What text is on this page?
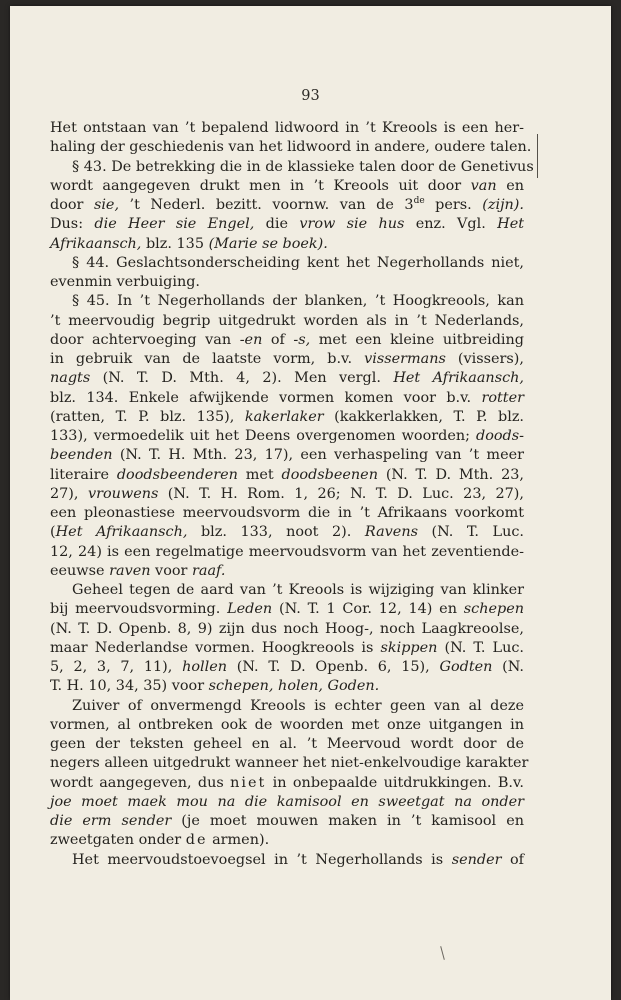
93
Het ontstaan van ’t bepalend lidwoord in ’t Kreools is een her-
haling der geschiedenis van het lidwoord in andere, oudere talen.
§ 43. De betrekking die in de klassieke talen door de Genetivus
wordt aangegeven drukt men in ’t Kreools uit door van en
door sie, ’t Nederl. bezitt. voornw. van de 3de pers. (zijn).
Dus: die Heer sie Engel, die vrow sie hus enz. Vgl. Het
Afrikaansch, blz. 135 (Marie se boek).
§ 44. Geslachtsonderscheiding kent het Negerhollands niet,
evenmin verbuiging.
§ 45. In ’t Negerhollands der blanken, ’t Hoogkreools, kan
’t meervoudig begrip uitgedrukt worden als in ’t Nederlands,
door achtervoeging van -en of -s, met een kleine uitbreiding
in gebruik van de laatste vorm, b.v. vissermans (vissers),
nagts (N. T. D. Mth. 4, 2). Men vergl. Het Afrikaansch,
blz. 134. Enkele afwijkende vormen komen voor b.v. rotter
(ratten, T. P. blz. 135), kakerlaker (kakkerlakken, T. P. blz.
133), vermoedelik uit het Deens overgenomen woorden; doods-
beenden (N. T. H. Mth. 23, 17), een verhaspeling van ’t meer
literaire doodsbeenderen met doodsbeenen (N. T. D. Mth. 23,
27), vrouwens (N. T. H. Rom. 1, 26; N. T. D. Luc. 23, 27),
een pleonastiese meervoudsvorm die in ’t Afrikaans voorkomt
(Het Afrikaansch, blz. 133, noot 2). Ravens (N. T. Luc.
12, 24) is een regelmatige meervoudsvorm van het zeventiende-
eeuwse raven voor raaf.
Geheel tegen de aard van ’t Kreools is wijziging van klinker
bij meervoudsvorming. Leden (N. T. 1 Cor. 12, 14) en schepen
(N. T. D. Openb. 8, 9) zijn dus noch Hoog-, noch Laagkreoolse,
maar Nederlandse vormen. Hoogkreools is skippen (N. T. Luc.
5, 2, 3, 7, 11), hollen (N. T. D. Openb. 6, 15), Godten (N.
T. H. 10, 34, 35) voor schepen, holen, Goden.
Zuiver of onvermengd Kreools is echter geen van al deze
vormen, al ontbreken ook de woorden met onze uitgangen in
geen der teksten geheel en al. ’t Meervoud wordt door de
negers alleen uitgedrukt wanneer het niet-enkelvoudige karakter
wordt aangegeven, dus niet in onbepaalde uitdrukkingen. B.v.
joe moet maek mou na die kamisool en sweetgat na onder
die erm sender (je moet mouwen maken in ’t kamisool en
zweetgaten onder de armen).
Het meervoudstoevoegsel in ’t Negerhollands is sender of
